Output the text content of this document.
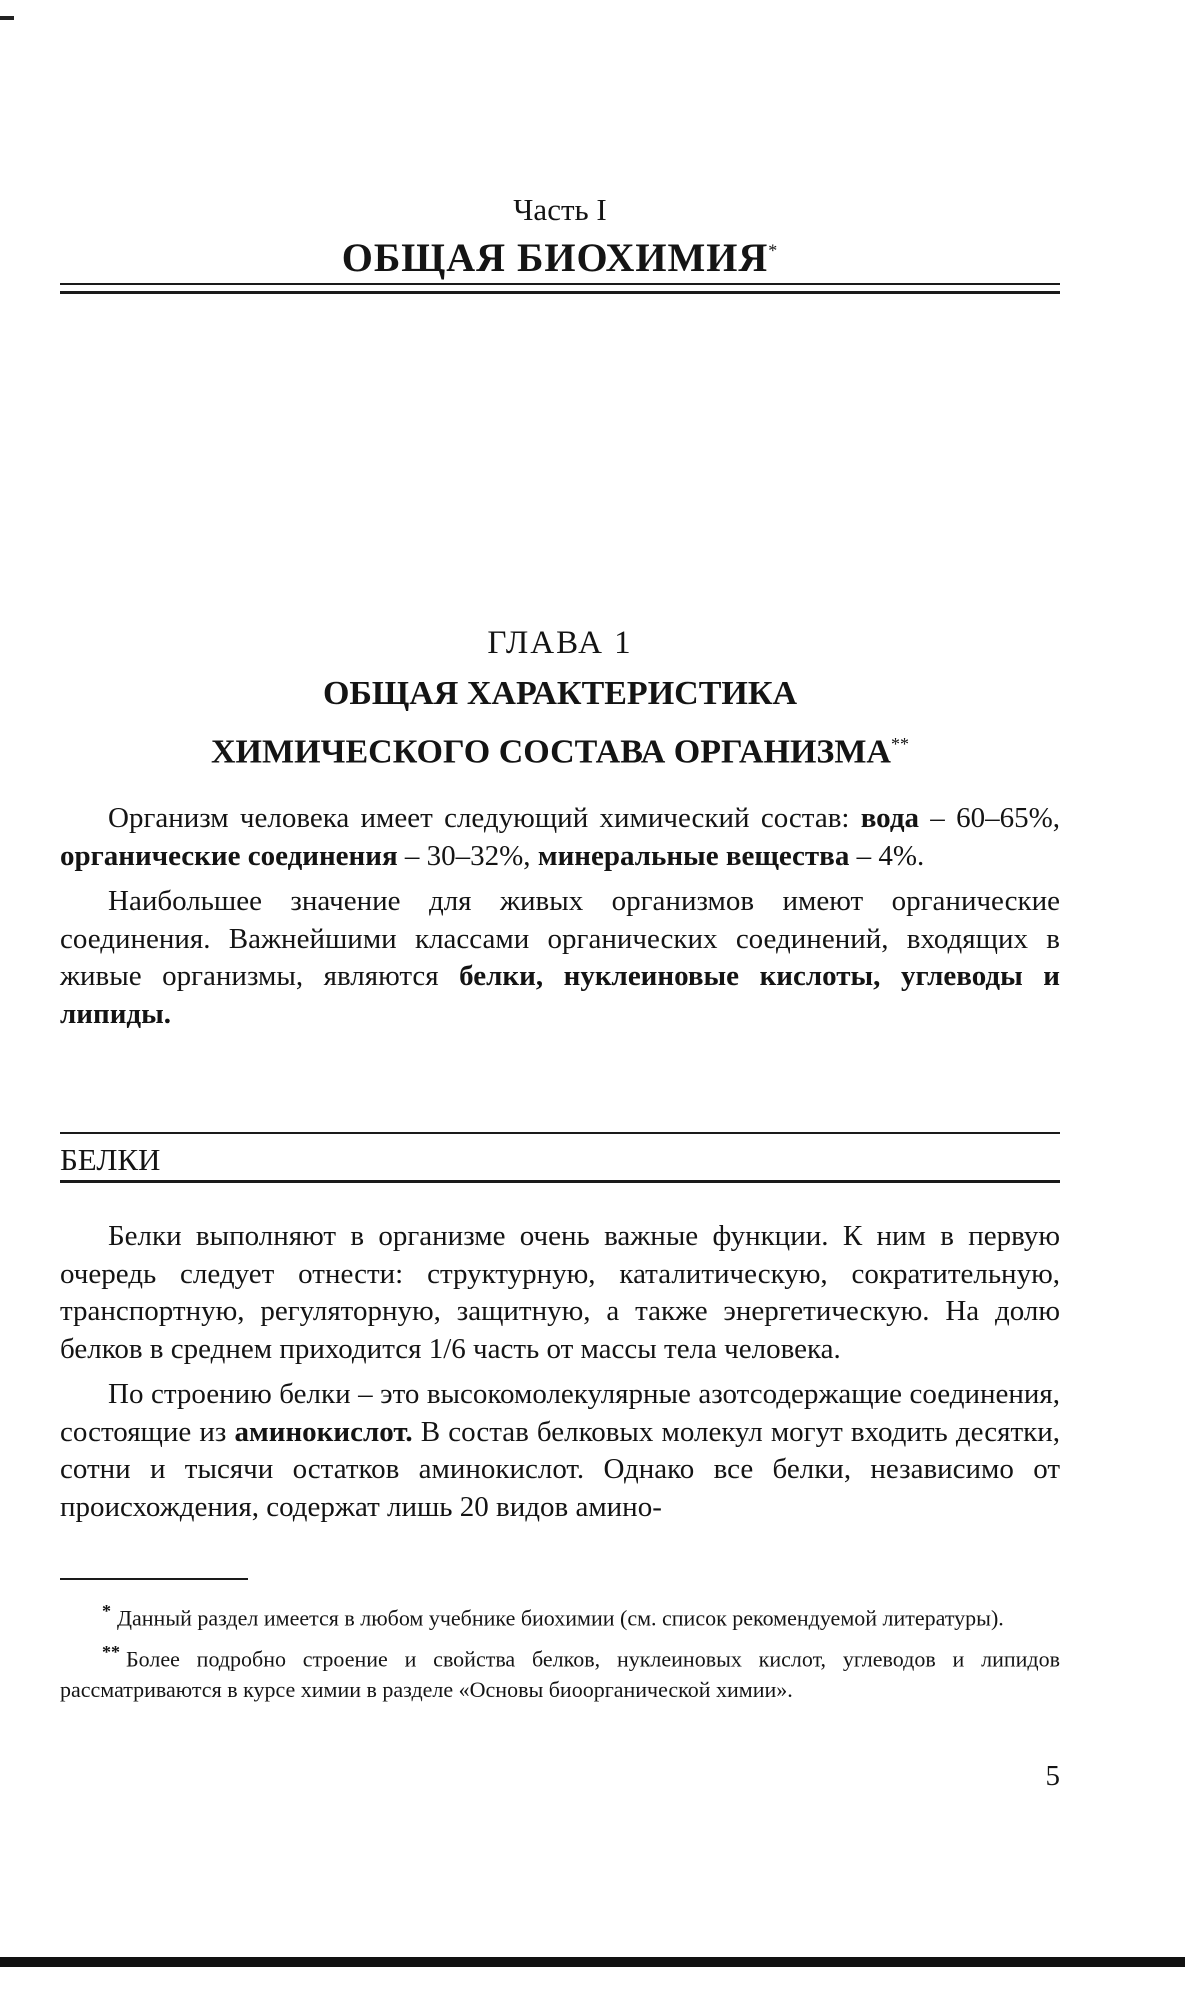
Часть I
ОБЩАЯ БИОХИМИЯ*
ГЛАВА 1
ОБЩАЯ ХАРАКТЕРИСТИКА
ХИМИЧЕСКОГО СОСТАВА ОРГАНИЗМА**

Организм человека имеет следующий химический состав: вода – 60–65%, органические соединения – 30–32%, минеральные вещества – 4%.

Наибольшее значение для живых организмов имеют органические соединения. Важнейшими классами органических соединений, входящих в живые организмы, являются белки, нуклеиновые кислоты, углеводы и липиды.

БЕЛКИ

Белки выполняют в организме очень важные функции. К ним в первую очередь следует отнести: структурную, каталитическую, сократительную, транспортную, регуляторную, защитную, а также энергетическую. На долю белков в среднем приходится 1/6 часть от массы тела человека.

По строению белки – это высокомолекулярные азотсодержащие соединения, состоящие из аминокислот. В состав белковых молекул могут входить десятки, сотни и тысячи остатков аминокислот. Однако все белки, независимо от происхождения, содержат лишь 20 видов амино-

* Данный раздел имеется в любом учебнике биохимии (см. список рекомендуемой литературы).

** Более подробно строение и свойства белков, нуклеиновых кислот, углеводов и липидов рассматриваются в курсе химии в разделе «Основы биоорганической химии».

5
